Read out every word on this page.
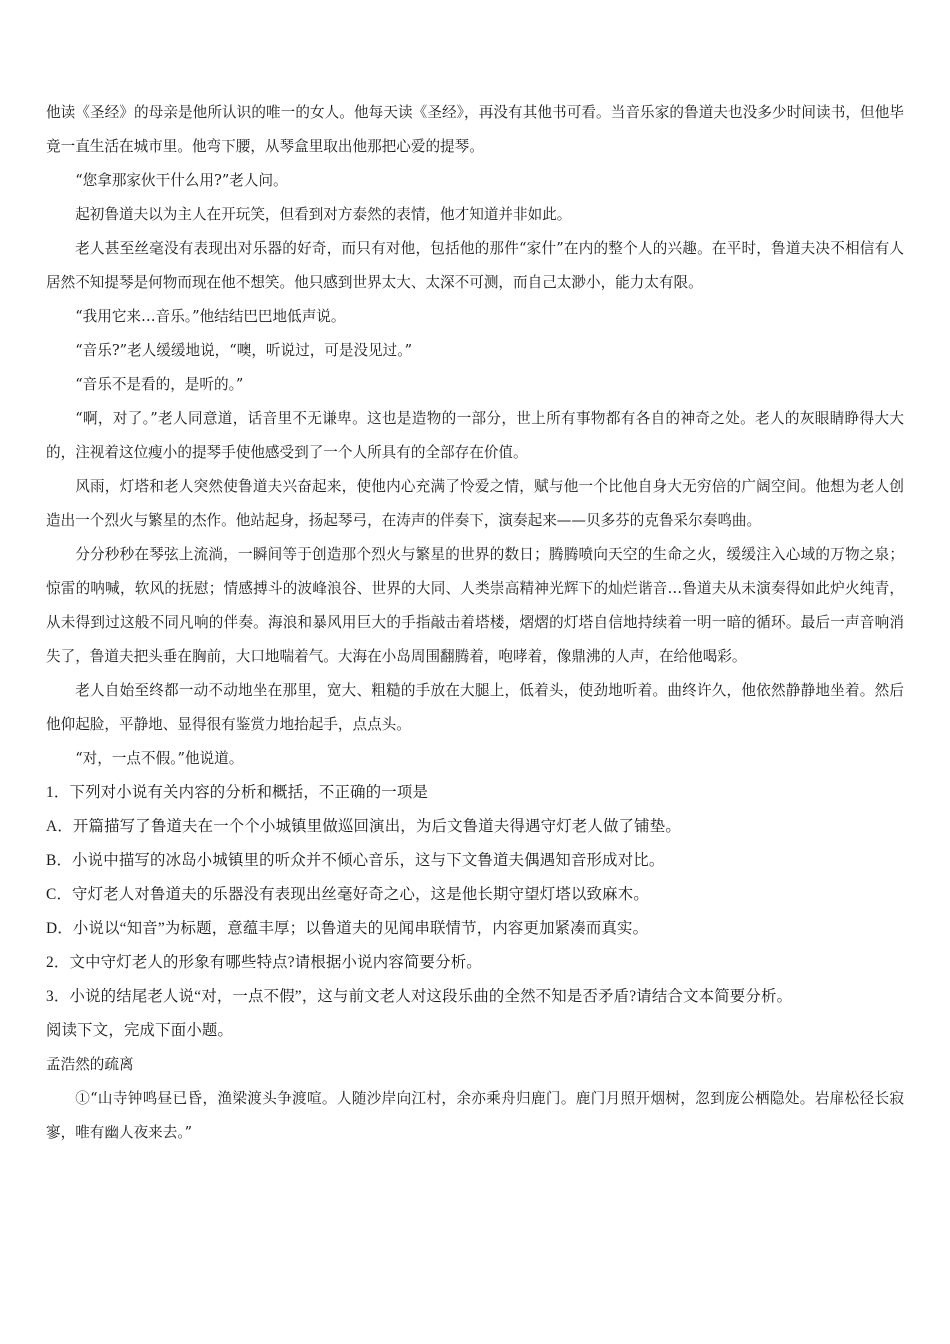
他读《圣经》的母亲是他所认识的唯一的女人。他每天读《圣经》，再没有其他书可看。当音乐家的鲁道夫也没多少时间读书，但他毕竟一直生活在城市里。他弯下腰，从琴盒里取出他那把心爱的提琴。

“您拿那家伙干什么用?”老人问。

起初鲁道夫以为主人在开玩笑，但看到对方泰然的表情，他才知道并非如此。

老人甚至丝毫没有表现出对乐器的好奇，而只有对他，包括他的那件“家什”在内的整个人的兴趣。在平时，鲁道夫决不相信有人居然不知提琴是何物而现在他不想笑。他只感到世界太大、太深不可测，而自己太渺小，能力太有限。

“我用它来…音乐。”他结结巴巴地低声说。

“音乐?”老人缓缓地说，“噢，听说过，可是没见过。”

“音乐不是看的，是听的。”

“啊，对了。”老人同意道，话音里不无谦卑。这也是造物的一部分，世上所有事物都有各自的神奇之处。老人的灰眼睛睁得大大的，注视着这位瘦小的提琴手使他感受到了一个人所具有的全部存在价值。

风雨，灯塔和老人突然使鲁道夫兴奋起来，使他内心充满了怜爱之情，赋与他一个比他自身大无穷倍的广阔空间。他想为老人创造出一个烈火与繁星的杰作。他站起身，扬起琴弓，在涛声的伴奏下，演奏起来——贝多芬的克鲁采尔奏鸣曲。

分分秒秒在琴弦上流淌，一瞬间等于创造那个烈火与繁星的世界的数日；腾腾喷向天空的生命之火，缓缓注入心域的万物之泉；惊雷的呐喊，软风的抚慰；情感搏斗的波峰浪谷、世界的大同、人类崇高精神光辉下的灿烂谐音…鲁道夫从未演奏得如此炉火纯青，从未得到过这般不同凡响的伴奏。海浪和暴风用巨大的手指敲击着塔楼，熠熠的灯塔自信地持续着一明一暗的循环。最后一声音响消失了，鲁道夫把头垂在胸前，大口地喘着气。大海在小岛周围翻腾着，咆哮着，像鼎沸的人声，在给他喝彩。

老人自始至终都一动不动地坐在那里，宽大、粗糙的手放在大腿上，低着头，使劲地听着。曲终许久，他依然静静地坐着。然后他仰起脸，平静地、显得很有鉴赏力地抬起手，点点头。

“对，一点不假。”他说道。

1．下列对小说有关内容的分析和概括，不正确的一项是

A．开篇描写了鲁道夫在一个个小城镇里做巡回演出，为后文鲁道夫得遇守灯老人做了铺垫。

B．小说中描写的冰岛小城镇里的听众并不倾心音乐，这与下文鲁道夫偶遇知音形成对比。

C．守灯老人对鲁道夫的乐器没有表现出丝毫好奇之心，这是他长期守望灯塔以致麻木。

D．小说以“知音”为标题，意蕴丰厚；以鲁道夫的见闻串联情节，内容更加紧凑而真实。

2．文中守灯老人的形象有哪些特点?请根据小说内容简要分析。

3．小说的结尾老人说“对，一点不假”，这与前文老人对这段乐曲的全然不知是否矛盾?请结合文本简要分析。

阅读下文，完成下面小题。

孟浩然的疏离

①“山寺钟鸣昼已昏，渔梁渡头争渡喧。人随沙岸向江村，余亦乘舟归鹿门。鹿门月照开烟树，忽到庞公栖隐处。岩扉松径长寂寥，唯有幽人夜来去。”
